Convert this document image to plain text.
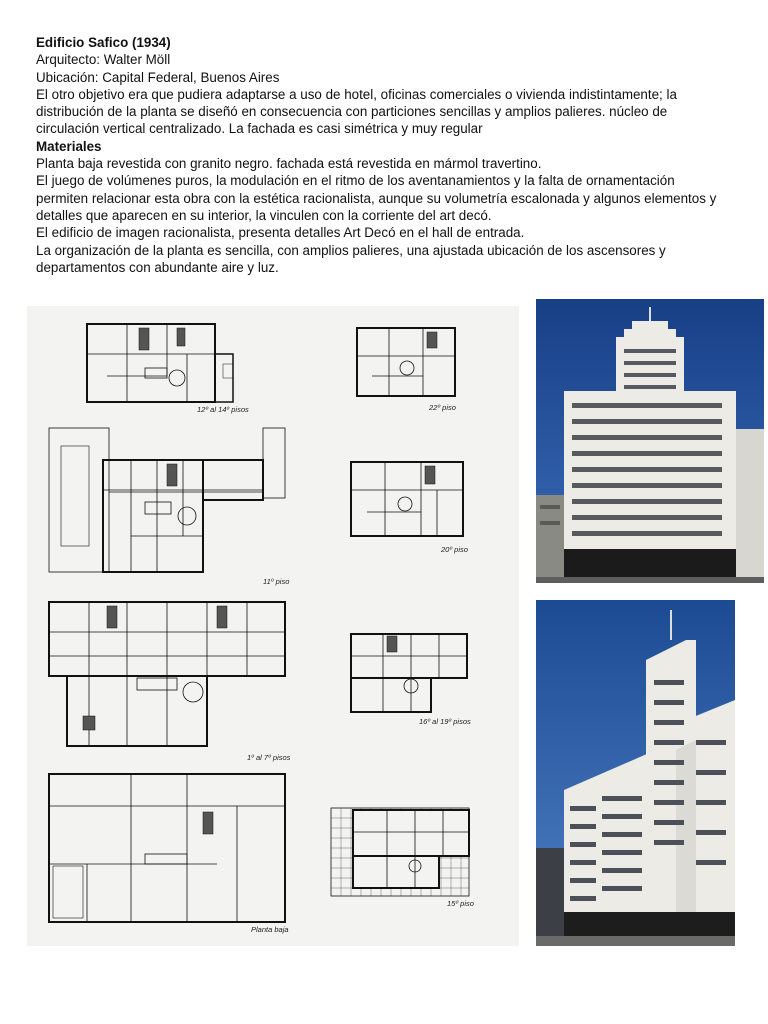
Edificio Safico (1934)

Arquitecto: Walter Möll

Ubicación: Capital Federal, Buenos Aires

El otro objetivo era que pudiera adaptarse a uso de hotel, oficinas comerciales o vivienda indistintamente; la distribución de la planta se diseñó en consecuencia con particiones sencillas y amplios palieres. núcleo de circulación vertical centralizado. La fachada es casi simétrica y muy regular

Materiales

Planta baja revestida con granito negro. fachada está revestida en mármol travertino.

El juego de volúmenes puros, la modulación en el ritmo de los aventanamientos y la falta de ornamentación permiten relacionar esta obra con la estética racionalista, aunque su volumetría escalonada y algunos elementos y detalles que aparecen en su interior, la vinculen con la corriente del art decó.

El edificio de imagen racionalista, presenta detalles Art Decó en el hall de entrada.

La organización de la planta es sencilla, con amplios palieres, una ajustada ubicación de los ascensores y departamentos con abundante aire y luz.

12º al 14º pisos	22º piso
11º piso
20º piso
1º al 7º pisos
16º al 19º pisos
Planta baja
15º piso
